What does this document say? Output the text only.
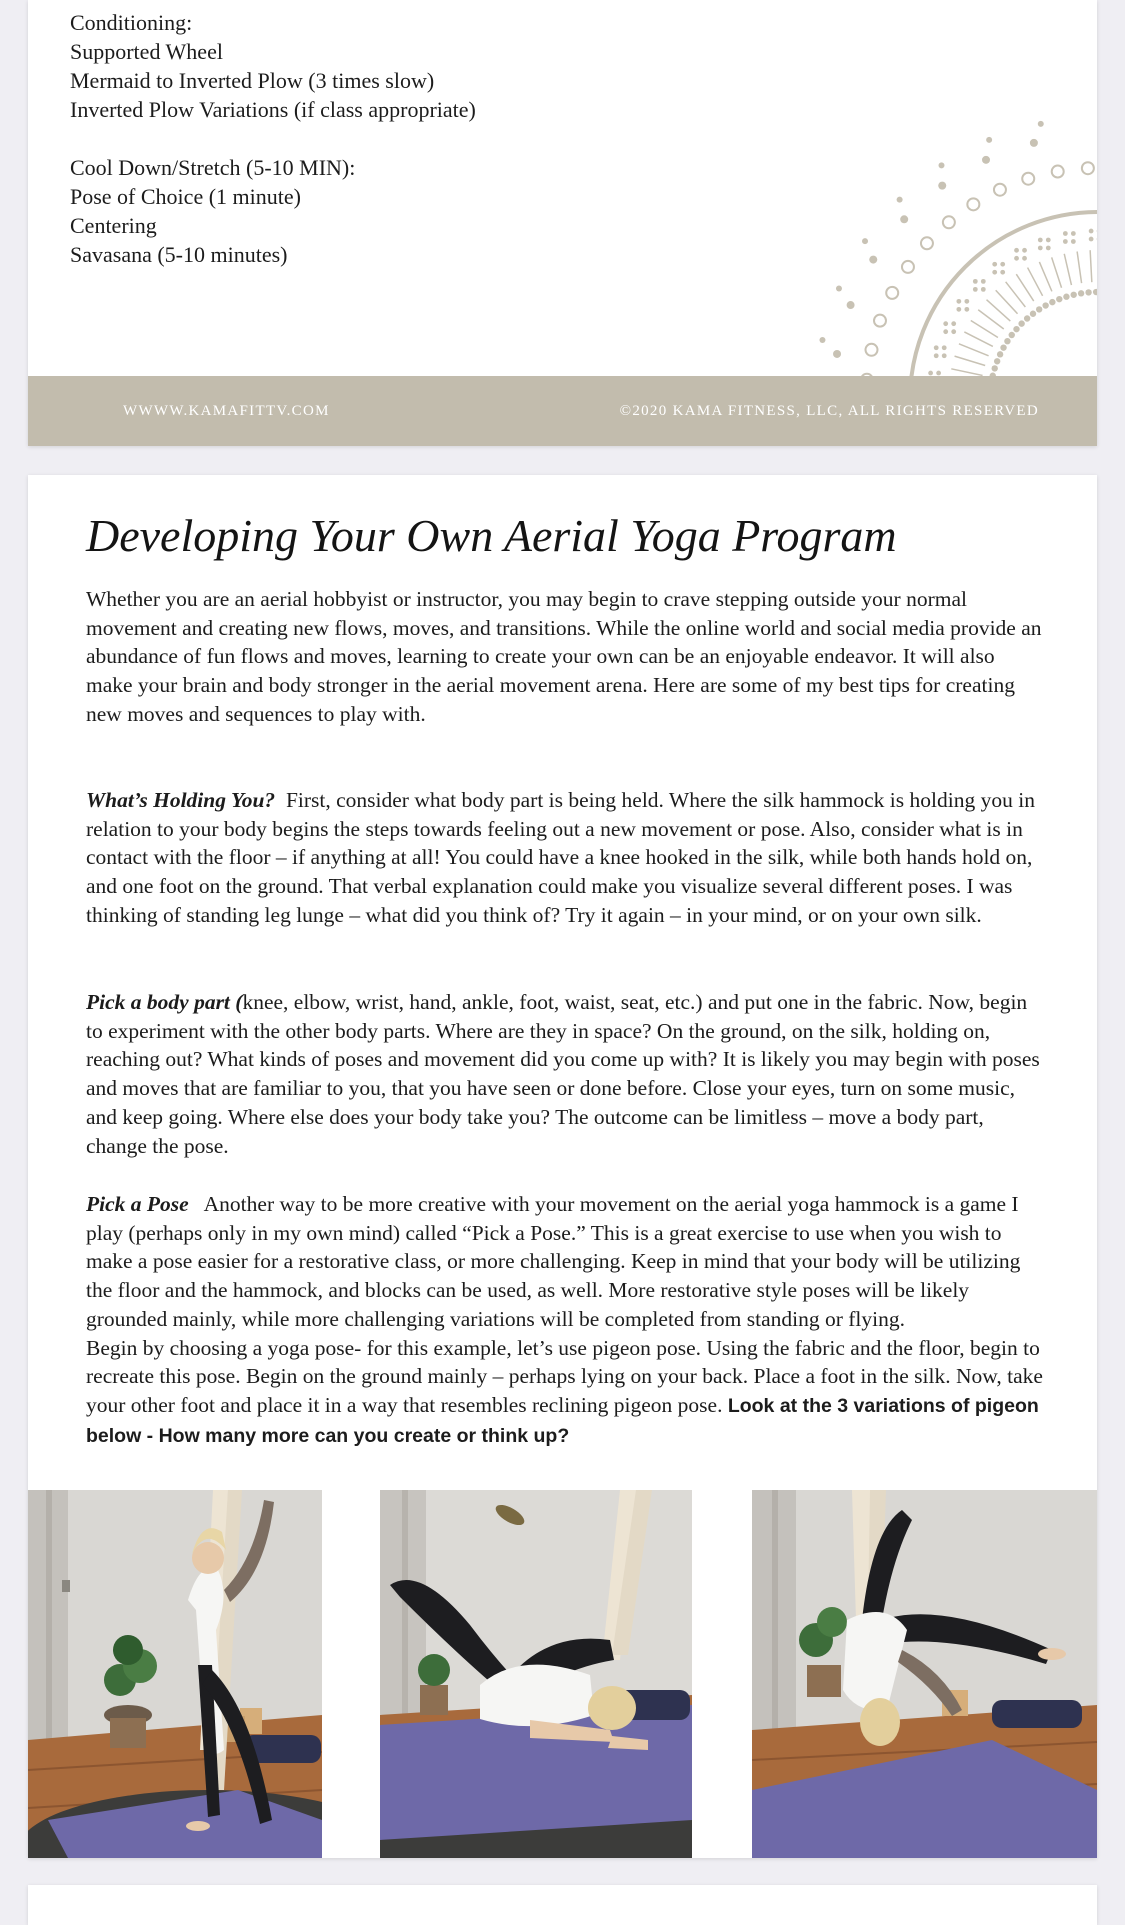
Conditioning:
Supported Wheel
Mermaid to Inverted Plow (3 times slow)
Inverted Plow Variations (if class appropriate)
Cool Down/Stretch (5-10 MIN):
Pose of Choice (1 minute)
Centering
Savasana (5-10 minutes)
WWWW.KAMAFITTV.COM	©2020 KAMA FITNESS, LLC, ALL RIGHTS RESERVED
Developing Your Own Aerial Yoga Program

Whether you are an aerial hobbyist or instructor, you may begin to crave stepping outside your normal movement and creating new flows, moves, and transitions. While the online world and social media provide an abundance of fun flows and moves, learning to create your own can be an enjoyable endeavor. It will also make your brain and body stronger in the aerial movement arena. Here are some of my best tips for creating new moves and sequences to play with.

What’s Holding You? First, consider what body part is being held. Where the silk hammock is holding you in relation to your body begins the steps towards feeling out a new movement or pose. Also, consider what is in contact with the floor – if anything at all! You could have a knee hooked in the silk, while both hands hold on, and one foot on the ground. That verbal explanation could make you visualize several different poses. I was thinking of standing leg lunge – what did you think of? Try it again – in your mind, or on your own silk.

Pick a body part (knee, elbow, wrist, hand, ankle, foot, waist, seat, etc.) and put one in the fabric. Now, begin to experiment with the other body parts. Where are they in space? On the ground, on the silk, holding on, reaching out? What kinds of poses and movement did you come up with? It is likely you may begin with poses and moves that are familiar to you, that you have seen or done before. Close your eyes, turn on some music, and keep going. Where else does your body take you? The outcome can be limitless – move a body part, change the pose.

Pick a Pose Another way to be more creative with your movement on the aerial yoga hammock is a game I play (perhaps only in my own mind) called “Pick a Pose.” This is a great exercise to use when you wish to make a pose easier for a restorative class, or more challenging. Keep in mind that your body will be utilizing the floor and the hammock, and blocks can be used, as well. More restorative style poses will be likely grounded mainly, while more challenging variations will be completed from standing or flying.
Begin by choosing a yoga pose- for this example, let’s use pigeon pose. Using the fabric and the floor, begin to recreate this pose. Begin on the ground mainly – perhaps lying on your back. Place a foot in the silk. Now, take your other foot and place it in a way that resembles reclining pigeon pose. Look at the 3 variations of pigeon below - How many more can you create or think up?
